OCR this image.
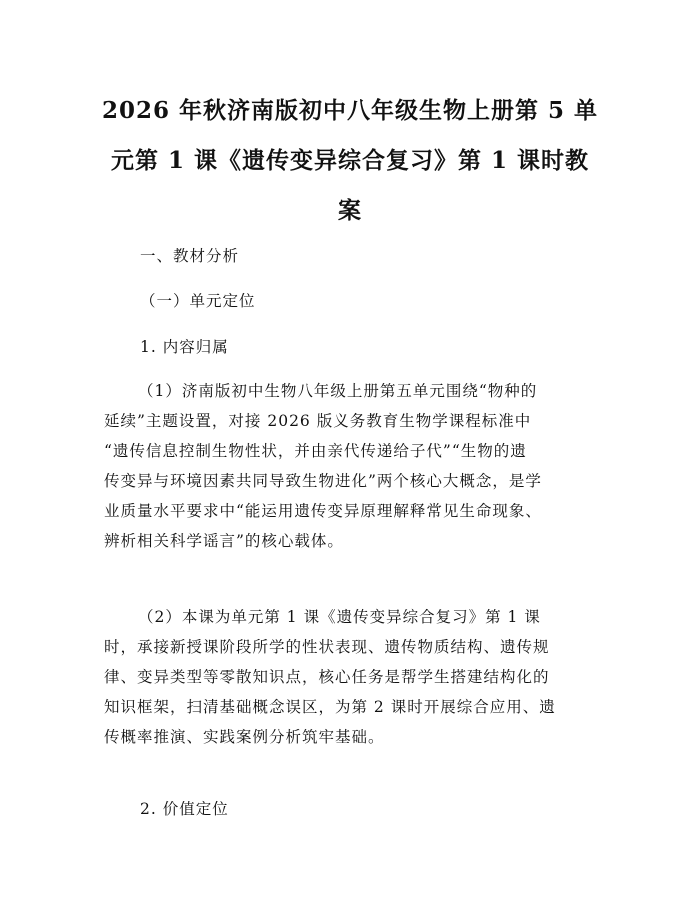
2026 年秋济南版初中八年级生物上册第 5 单
元第 1 课《遗传变异综合复习》第 1 课时教
案

一、教材分析

（一）单元定位

1. 内容归属

（1）济南版初中生物八年级上册第五单元围绕“物种的
延续”主题设置，对接 2026 版义务教育生物学课程标准中
“遗传信息控制生物性状，并由亲代传递给子代”“生物的遗
传变异与环境因素共同导致生物进化”两个核心大概念，是学
业质量水平要求中“能运用遗传变异原理解释常见生命现象、
辨析相关科学谣言”的核心载体。
（2）本课为单元第 1 课《遗传变异综合复习》第 1 课
时，承接新授课阶段所学的性状表现、遗传物质结构、遗传规
律、变异类型等零散知识点，核心任务是帮学生搭建结构化的
知识框架，扫清基础概念误区，为第 2 课时开展综合应用、遗
传概率推演、实践案例分析筑牢基础。

2. 价值定位
